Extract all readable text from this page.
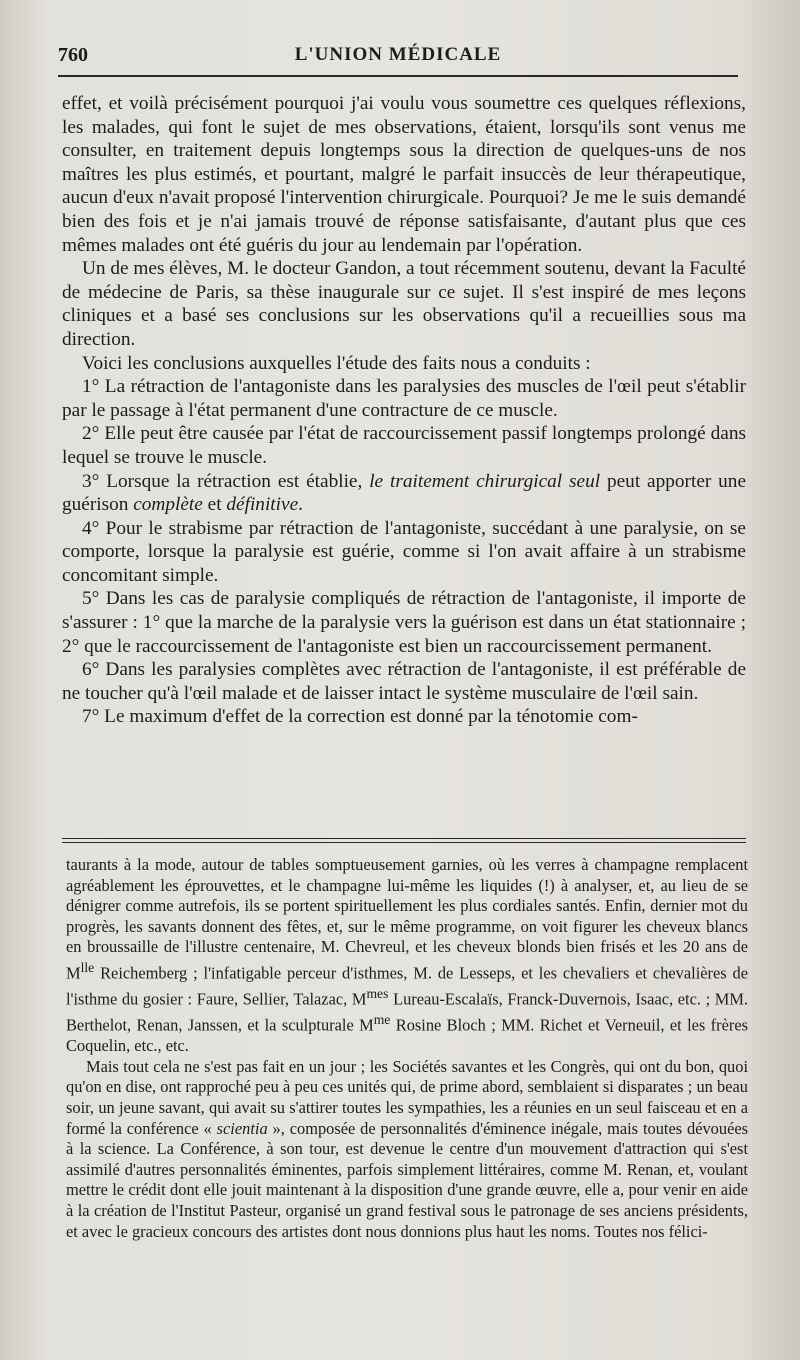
760	L'UNION MÉDICALE

effet, et voilà précisément pourquoi j'ai voulu vous soumettre ces quelques réflexions, les malades, qui font le sujet de mes observations, étaient, lorsqu'ils sont venus me consulter, en traitement depuis longtemps sous la direction de quelques-uns de nos maîtres les plus estimés, et pourtant, malgré le parfait insuccès de leur thérapeutique, aucun d'eux n'avait proposé l'intervention chirurgicale. Pourquoi? Je me le suis demandé bien des fois et je n'ai jamais trouvé de réponse satisfaisante, d'autant plus que ces mêmes malades ont été guéris du jour au lendemain par l'opération.

Un de mes élèves, M. le docteur Gandon, a tout récemment soutenu, devant la Faculté de médecine de Paris, sa thèse inaugurale sur ce sujet. Il s'est inspiré de mes leçons cliniques et a basé ses conclusions sur les observations qu'il a recueillies sous ma direction.

Voici les conclusions auxquelles l'étude des faits nous a conduits :

1° La rétraction de l'antagoniste dans les paralysies des muscles de l'œil peut s'établir par le passage à l'état permanent d'une contracture de ce muscle.

2° Elle peut être causée par l'état de raccourcissement passif longtemps prolongé dans lequel se trouve le muscle.

3° Lorsque la rétraction est établie, le traitement chirurgical seul peut apporter une guérison complète et définitive.

4° Pour le strabisme par rétraction de l'antagoniste, succédant à une paralysie, on se comporte, lorsque la paralysie est guérie, comme si l'on avait affaire à un strabisme concomitant simple.

5° Dans les cas de paralysie compliqués de rétraction de l'antagoniste, il importe de s'assurer : 1° que la marche de la paralysie vers la guérison est dans un état stationnaire ; 2° que le raccourcissement de l'antagoniste est bien un raccourcissement permanent.

6° Dans les paralysies complètes avec rétraction de l'antagoniste, il est préférable de ne toucher qu'à l'œil malade et de laisser intact le système musculaire de l'œil sain.

7° Le maximum d'effet de la correction est donné par la ténotomie com-

taurants à la mode, autour de tables somptueusement garnies, où les verres à champagne remplacent agréablement les éprouvettes, et le champagne lui-même les liquides (!) à analyser, et, au lieu de se dénigrer comme autrefois, ils se portent spirituellement les plus cordiales santés. Enfin, dernier mot du progrès, les savants donnent des fêtes, et, sur le même programme, on voit figurer les cheveux blancs en broussaille de l'illustre centenaire, M. Chevreul, et les cheveux blonds bien frisés et les 20 ans de $M^{lle}$ Reichemberg ; l'infatigable perceur d'isthmes, M. de Lesseps, et les chevaliers et chevalières de l'isthme du gosier : Faure, Sellier, Talazac, $M^{mes}$ Lureau-Escalaïs, Franck-Duvernois, Isaac, etc. ; MM. Berthelot, Renan, Janssen, et la sculpturale $M^{me}$ Rosine Bloch ; MM. Richet et Verneuil, et les frères Coquelin, etc., etc.

Mais tout cela ne s'est pas fait en un jour ; les Sociétés savantes et les Congrès, qui ont du bon, quoi qu'on en dise, ont rapproché peu à peu ces unités qui, de prime abord, semblaient si disparates ; un beau soir, un jeune savant, qui avait su s'attirer toutes les sympathies, les a réunies en un seul faisceau et en a formé la conférence « scientia », composée de personnalités d'éminence inégale, mais toutes dévouées à la science. La Conférence, à son tour, est devenue le centre d'un mouvement d'attraction qui s'est assimilé d'autres personnalités éminentes, parfois simplement littéraires, comme M. Renan, et, voulant mettre le crédit dont elle jouit maintenant à la disposition d'une grande œuvre, elle a, pour venir en aide à la création de l'Institut Pasteur, organisé un grand festival sous le patronage de ses anciens présidents, et avec le gracieux concours des artistes dont nous donnions plus haut les noms. Toutes nos félici-
